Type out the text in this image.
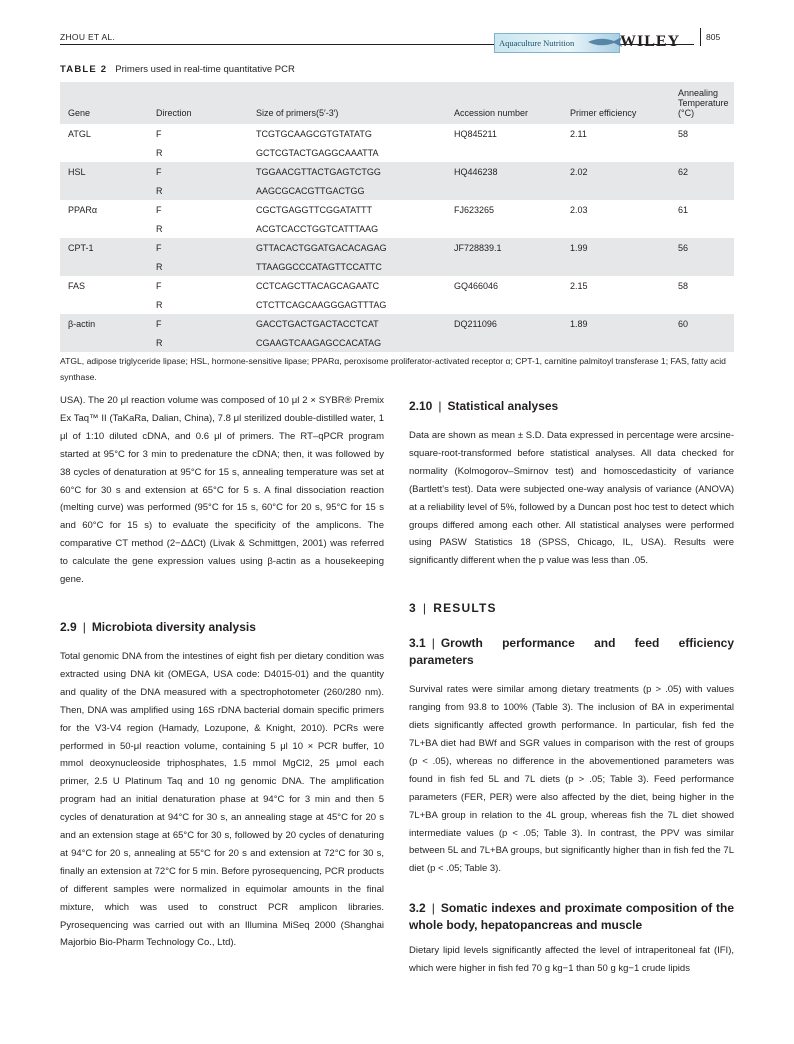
ZHOU ET AL.
Aquaculture Nutrition	WILEY	805
TABLE 2 Primers used in real-time quantitative PCR
Gene	Direction	Size of primers(5′-3′)	Accession number	Primer efficiency	Annealing
Temperature (°C)
ATGL	F	TCGTGCAAGCGTGTATATG	HQ845211	2.11	58
	R	GCTCGTACTGAGGCAAATTA			
HSL	F	TGGAACGTTACTGAGTCTGG	HQ446238	2.02	62
	R	AAGCGCACGTTGACTGG			
PPARα	F	CGCTGAGGTTCGGATATTT	FJ623265	2.03	61
	R	ACGTCACCTGGTCATTTAAG			
CPT-1	F	GTTACACTGGATGACACAGAG	JF728839.1	1.99	56
	R	TTAAGGCCCATAGTTCCATTC			
FAS	F	CCTCAGCTTACAGCAGAATC	GQ466046	2.15	58
	R	CTCTTCAGCAAGGGAGTTTAG			
β-actin	F	GACCTGACTGACTACCTCAT	DQ211096	1.89	60
	R	CGAAGTCAAGAGCCACATAG			
ATGL, adipose triglyceride lipase; HSL, hormone-sensitive lipase; PPARα, peroxisome proliferator-activated receptor α; CPT-1, carnitine palmitoyl transferase 1; FAS, fatty acid synthase.

USA). The 20 μl reaction volume was composed of 10 μl 2 × SYBR® Premix Ex Taq™ II (TaKaRa, Dalian, China), 7.8 μl sterilized double-distilled water, 1 μl of 1:10 diluted cDNA, and 0.6 μl of primers. The RT–qPCR program started at 95°C for 3 min to predenature the cDNA; then, it was followed by 38 cycles of denaturation at 95°C for 15 s, annealing temperature was set at 60°C for 30 s and extension at 65°C for 5 s. A final dissociation reaction (melting curve) was performed (95°C for 15 s, 60°C for 20 s, 95°C for 15 s and 60°C for 15 s) to evaluate the specificity of the amplicons. The comparative CT method (2−ΔΔCt) (Livak & Schmittgen, 2001) was referred to calculate the gene expression values using β-actin as a housekeeping gene.

2.9 | Microbiota diversity analysis

Total genomic DNA from the intestines of eight fish per dietary condition was extracted using DNA kit (OMEGA, USA code: D4015-01) and the quantity and quality of the DNA measured with a spectrophotometer (260/280 nm). Then, DNA was amplified using 16S rDNA bacterial domain specific primers for the V3-V4 region (Hamady, Lozupone, & Knight, 2010). PCRs were performed in 50-μl reaction volume, containing 5 μl 10 × PCR buffer, 10 mmol deoxynucleoside triphosphates, 1.5 mmol MgCl2, 25 μmol each primer, 2.5 U Platinum Taq and 10 ng genomic DNA. The amplification program had an initial denaturation phase at 94°C for 3 min and then 5 cycles of denaturation at 94°C for 30 s, an annealing stage at 45°C for 20 s and an extension stage at 65°C for 30 s, followed by 20 cycles of denaturing at 94°C for 20 s, annealing at 55°C for 20 s and extension at 72°C for 30 s, finally an extension at 72°C for 5 min. Before pyrosequencing, PCR products of different samples were normalized in equimolar amounts in the final mixture, which was used to construct PCR amplicon libraries. Pyrosequencing was carried out with an Illumina MiSeq 2000 (Shanghai Majorbio Bio-Pharm Technology Co., Ltd).

2.10 | Statistical analyses

Data are shown as mean ± S.D. Data expressed in percentage were arcsine-square-root-transformed before statistical analyses. All data checked for normality (Kolmogorov–Smirnov test) and homoscedasticity of variance (Bartlett's test). Data were subjected one-way analysis of variance (ANOVA) at a reliability level of 5%, followed by a Duncan post hoc test to detect which groups differed among each other. All statistical analyses were performed using PASW Statistics 18 (SPSS, Chicago, IL, USA). Results were significantly different when the p value was less than .05.

3 | RESULTS
3.1 | Growth performance and feed efficiency parameters

Survival rates were similar among dietary treatments (p > .05) with values ranging from 93.8 to 100% (Table 3). The inclusion of BA in experimental diets significantly affected growth performance. In particular, fish fed the 7L+BA diet had BWf and SGR values in comparison with the rest of groups (p < .05), whereas no difference in the abovementioned parameters was found in fish fed 5L and 7L diets (p > .05; Table 3). Feed performance parameters (FER, PER) were also affected by the diet, being higher in the 7L+BA group in relation to the 4L group, whereas fish the 7L diet showed intermediate values (p < .05; Table 3). In contrast, the PPV was similar between 5L and 7L+BA groups, but significantly higher than in fish fed the 7L diet (p < .05; Table 3).

3.2 | Somatic indexes and proximate composition of the whole body, hepatopancreas and muscle

Dietary lipid levels significantly affected the level of intraperitoneal fat (IFI), which were higher in fish fed 70 g kg−1 than 50 g kg−1 crude lipids
